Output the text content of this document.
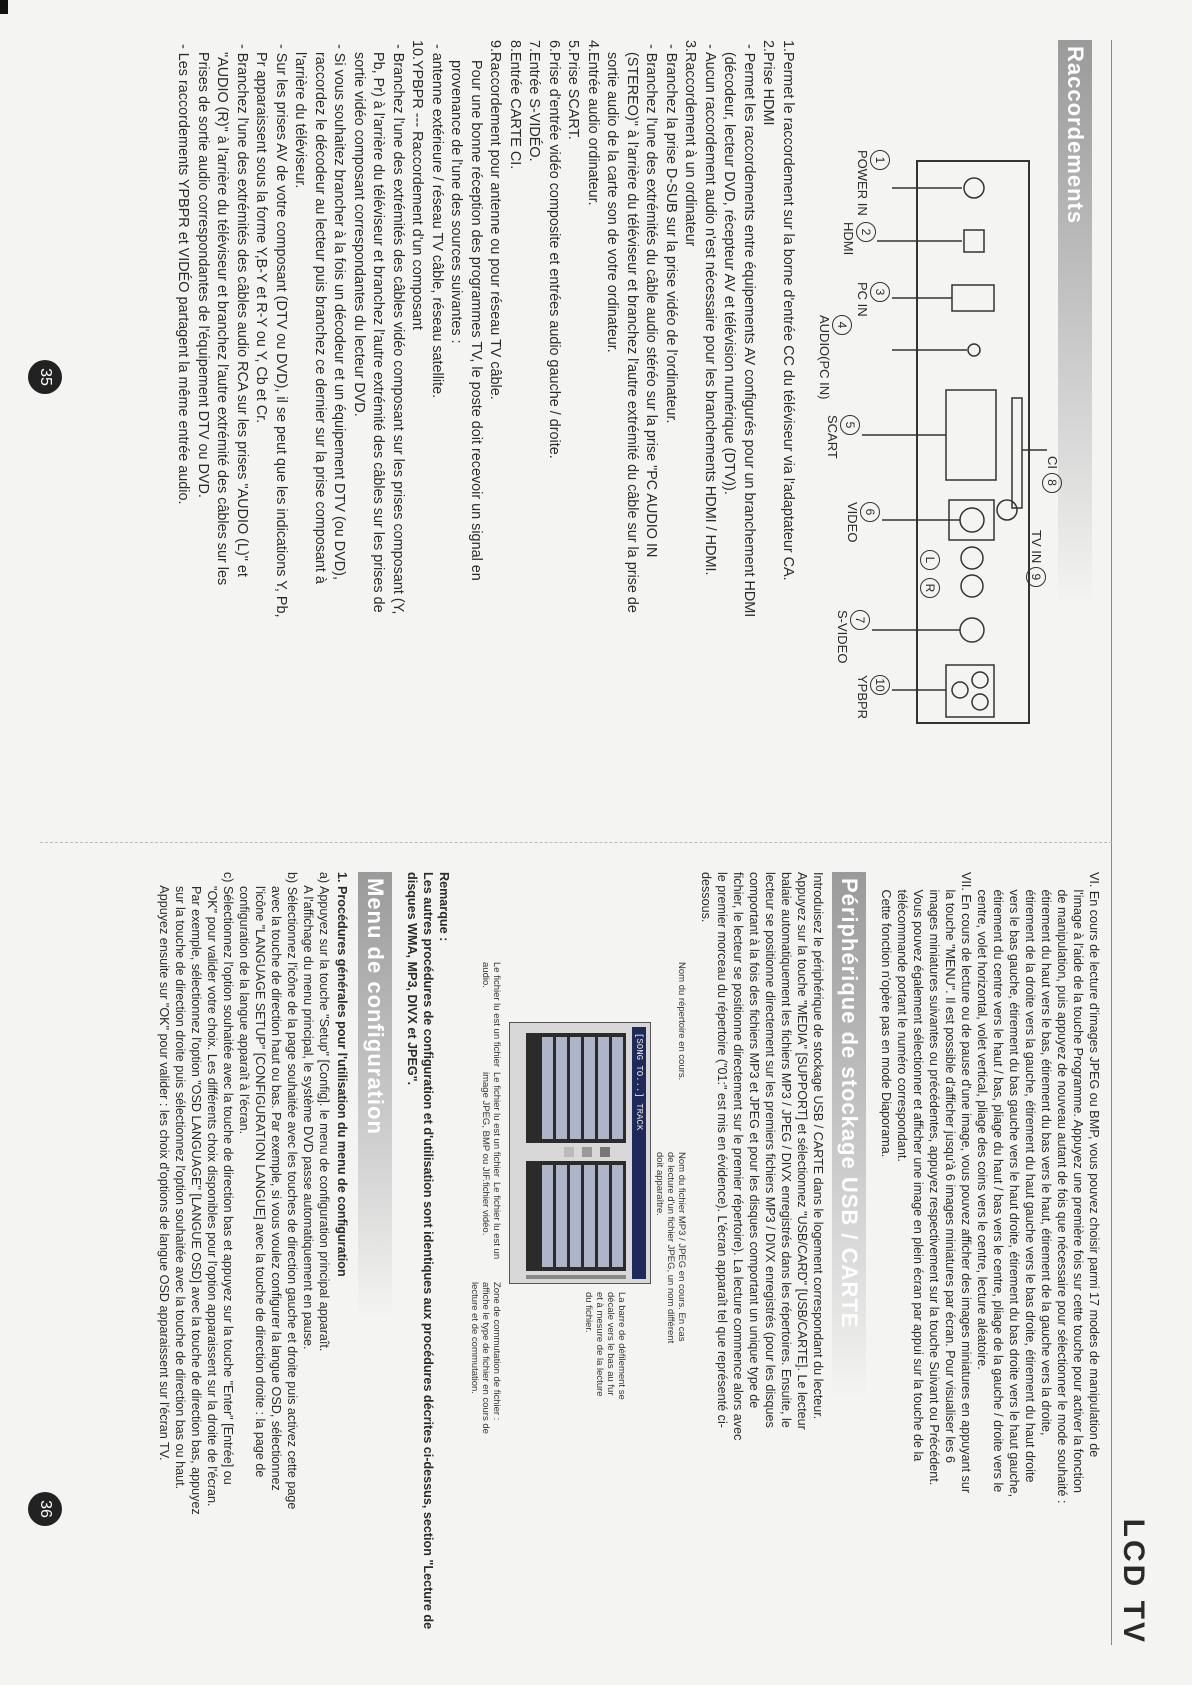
LCD TV
Raccordements
1
POWER IN
2
HDMI
3
PC IN
4
AUDIO(PC IN)
5
SCART
CI 8
6
VIDEO
L
R
TV IN 9
7
S-VIDEO
10
YPBPR

1.Permet le raccordement sur la borne d'entrée CC du téléviseur via l'adaptateur CA.

2.Prise HDMI

- Permet les raccordements entre équipements AV configurés pour un branchement HDMI

(décodeur, lecteur DVD, récepteur AV et télévision numérique (DTV)).

- Aucun raccordement audio n'est nécessaire pour les branchements HDMI / HDMI.

3.Raccordement à un ordinateur

- Branchez la prise D-SUB sur la prise vidéo de l'ordinateur.

- Branchez l'une des extrémités du câble audio stéréo sur la prise "PC AUDIO IN

(STEREO)" à l'arrière du téléviseur et branchez l'autre extrémité du câble sur la prise de

sortie audio de la carte son de votre ordinateur.

4.Entrée audio ordinateur.

5.Prise SCART.

6.Prise d'entrée vidéo composite et entrées audio gauche / droite.

7.Entrée S-VIDÉO.

8.Entrée CARTE CI.

9.Raccordement pour antenne ou pour réseau TV câble.

Pour une bonne réception des programmes TV, le poste doit recevoir un signal en

provenance de l'une des sources suivantes :

- antenne extérieure / réseau TV câble, réseau satellite.

10.YPBPR --- Raccordement d'un composant

- Branchez l'une des extrémités des câbles vidéo composant sur les prises composant (Y,

Pb, Pr) à l'arrière du téléviseur et branchez l'autre extrémité des câbles sur les prises de

sortie vidéo composant correspondantes du lecteur DVD.

- Si vous souhaitez brancher à la fois un décodeur et un équipement DTV (ou DVD),

raccordez le décodeur au lecteur puis branchez ce dernier sur la prise composant à

l'arrière du téléviseur.

- Sur les prises AV de votre composant (DTV ou DVD), il se peut que les indications Y, Pb,

Pr apparaissent sous la forme Y,B-Y et R-Y ou Y, Cb et Cr.

- Branchez l'une des extrémités des câbles audio RCA sur les prises "AUDIO (L)" et

"AUDIO (R)" à l'arrière du téléviseur et branchez l'autre extrémité des câbles sur les

Prises de sortie audio correspondantes de l'équipement DTV ou DVD.

- Les raccordements YPBPR et VIDÉO partagent la même entrée audio.

35

VI. En cours de lecture d'images JPEG ou BMP, vous pouvez choisir parmi 17 modes de manipulation de

l'image à l'aide de la touche Programme. Appuyez une première fois sur cette touche pour activer la fonction

de manipulation, puis appuyez de nouveau autant de fois que nécessaire pour sélectionner le mode souhaité :

étirement du haut vers le bas, étirement du bas vers le haut, étirement de la gauche vers la droite,

étirement de la droite vers la gauche, étirement du haut gauche vers le bas droite, étirement du haut droite

vers le bas gauche, étirement du bas gauche vers le haut droite, étirement du bas droite vers le haut gauche,

étirement du centre vers le haut / bas, pliage du haut / bas vers le centre, pliage de la gauche / droite vers le

centre, volet horizontal, volet vertical, pliage des coins vers le centre, lecture aléatoire.

VII. En cours de lecture ou de pause d'une image, vous pouvez afficher des images miniatures en appuyant sur

la touche "MENU". Il est possible d'afficher jusqu'à 6 images miniatures par écran. Pour visualiser les 6

images miniatures suivantes ou précédentes, appuyez respectivement sur la touche Suivant ou Précédent.

Vous pouvez également sélectionner et afficher une image en plein écran par appui sur la touche de la

télécommande portant le numéro correspondant.

Cette fonction n'opère pas en mode Diaporama.

Périphérique de stockage USB / CARTE

Introduisez le périphérique de stockage USB / CARTE dans le logement correspondant du lecteur.

Appuyez sur la touche "MEDIA" [SUPPORT] et sélectionnez "USB/CARD" [USB/CARTE]. Le lecteur

balaie automatiquement les fichiers MP3 / JPEG / DIVX enregistrés dans les répertoires. Ensuite, le

lecteur se positionne directement sur les premiers fichiers MP3 / DIVX enregistrés (pour les disques

comportant à la fois des fichiers MP3 et JPEG et pour les disques comportant un unique type de

fichier, le lecteur se positionne directement sur le premier répertoire). La lecture commence alors avec

le premier morceau du répertoire ("01:" est mis en évidence). L'écran apparaît tel que représenté ci-

dessous.

Nom du répertoire en cours.
Nom du fichier MP3 / JPEG en cours. En cas de lecture d'un fichier JPEG, un nom différent doit apparaître.
[SONG TO...] TRACK
La barre de défilement se décale vers le bas au fur et à mesure de la lecture du fichier.
Le fichier lu est un fichier audio.
Le fichier lu est un fichier image JPEG, BMP ou JIF.
Le fichier lu est un fichier vidéo.
Zone de commutation de fichier : affiche le type de fichier en cours de lecture et de commutation.

Remarque :

Les autres procédures de configuration et d'utilisation sont identiques aux procédures décrites ci-dessus, section "Lecture de disques WMA, MP3, DIVX et JPEG".

Menu de configuration

1. Procédures générales pour l'utilisation du menu de configuration

a) Appuyez sur la touche "Setup" [Config]. le menu de configuration principal apparaît.

A l'affichage du menu principal, le système DVD passe automatiquement en pause.

b) Sélectionnez l'icône de la page souhaitée avec les touches de direction gauche et droite puis activez cette page

avec la touche de direction haut ou bas. Par exemple, si vous voulez configurer la langue OSD, sélectionnez

l'icône "LANGUAGE SETUP" [CONFIGURATION LANGUE] avec la touche de direction droite : la page de

configuration de la langue apparaît à l'écran.

c) Sélectionnez l'option souhaitée avec la touche de direction bas et appuyez sur la touche "Enter" [Entrée] ou

"OK" pour valider votre choix. Les différents choix disponibles pour l'option apparaissent sur la droite de l'écran.

Par exemple, sélectionnez l'option "OSD LANGUAGE" [LANGUE OSD] avec la touche de direction bas, appuyez

sur la touche de direction droite puis sélectionnez l'option souhaitée avec la touche de direction bas ou haut.

Appuyez ensuite sur "OK" pour valider : les choix d'options de langue OSD apparaissent sur l'écran TV.

36
